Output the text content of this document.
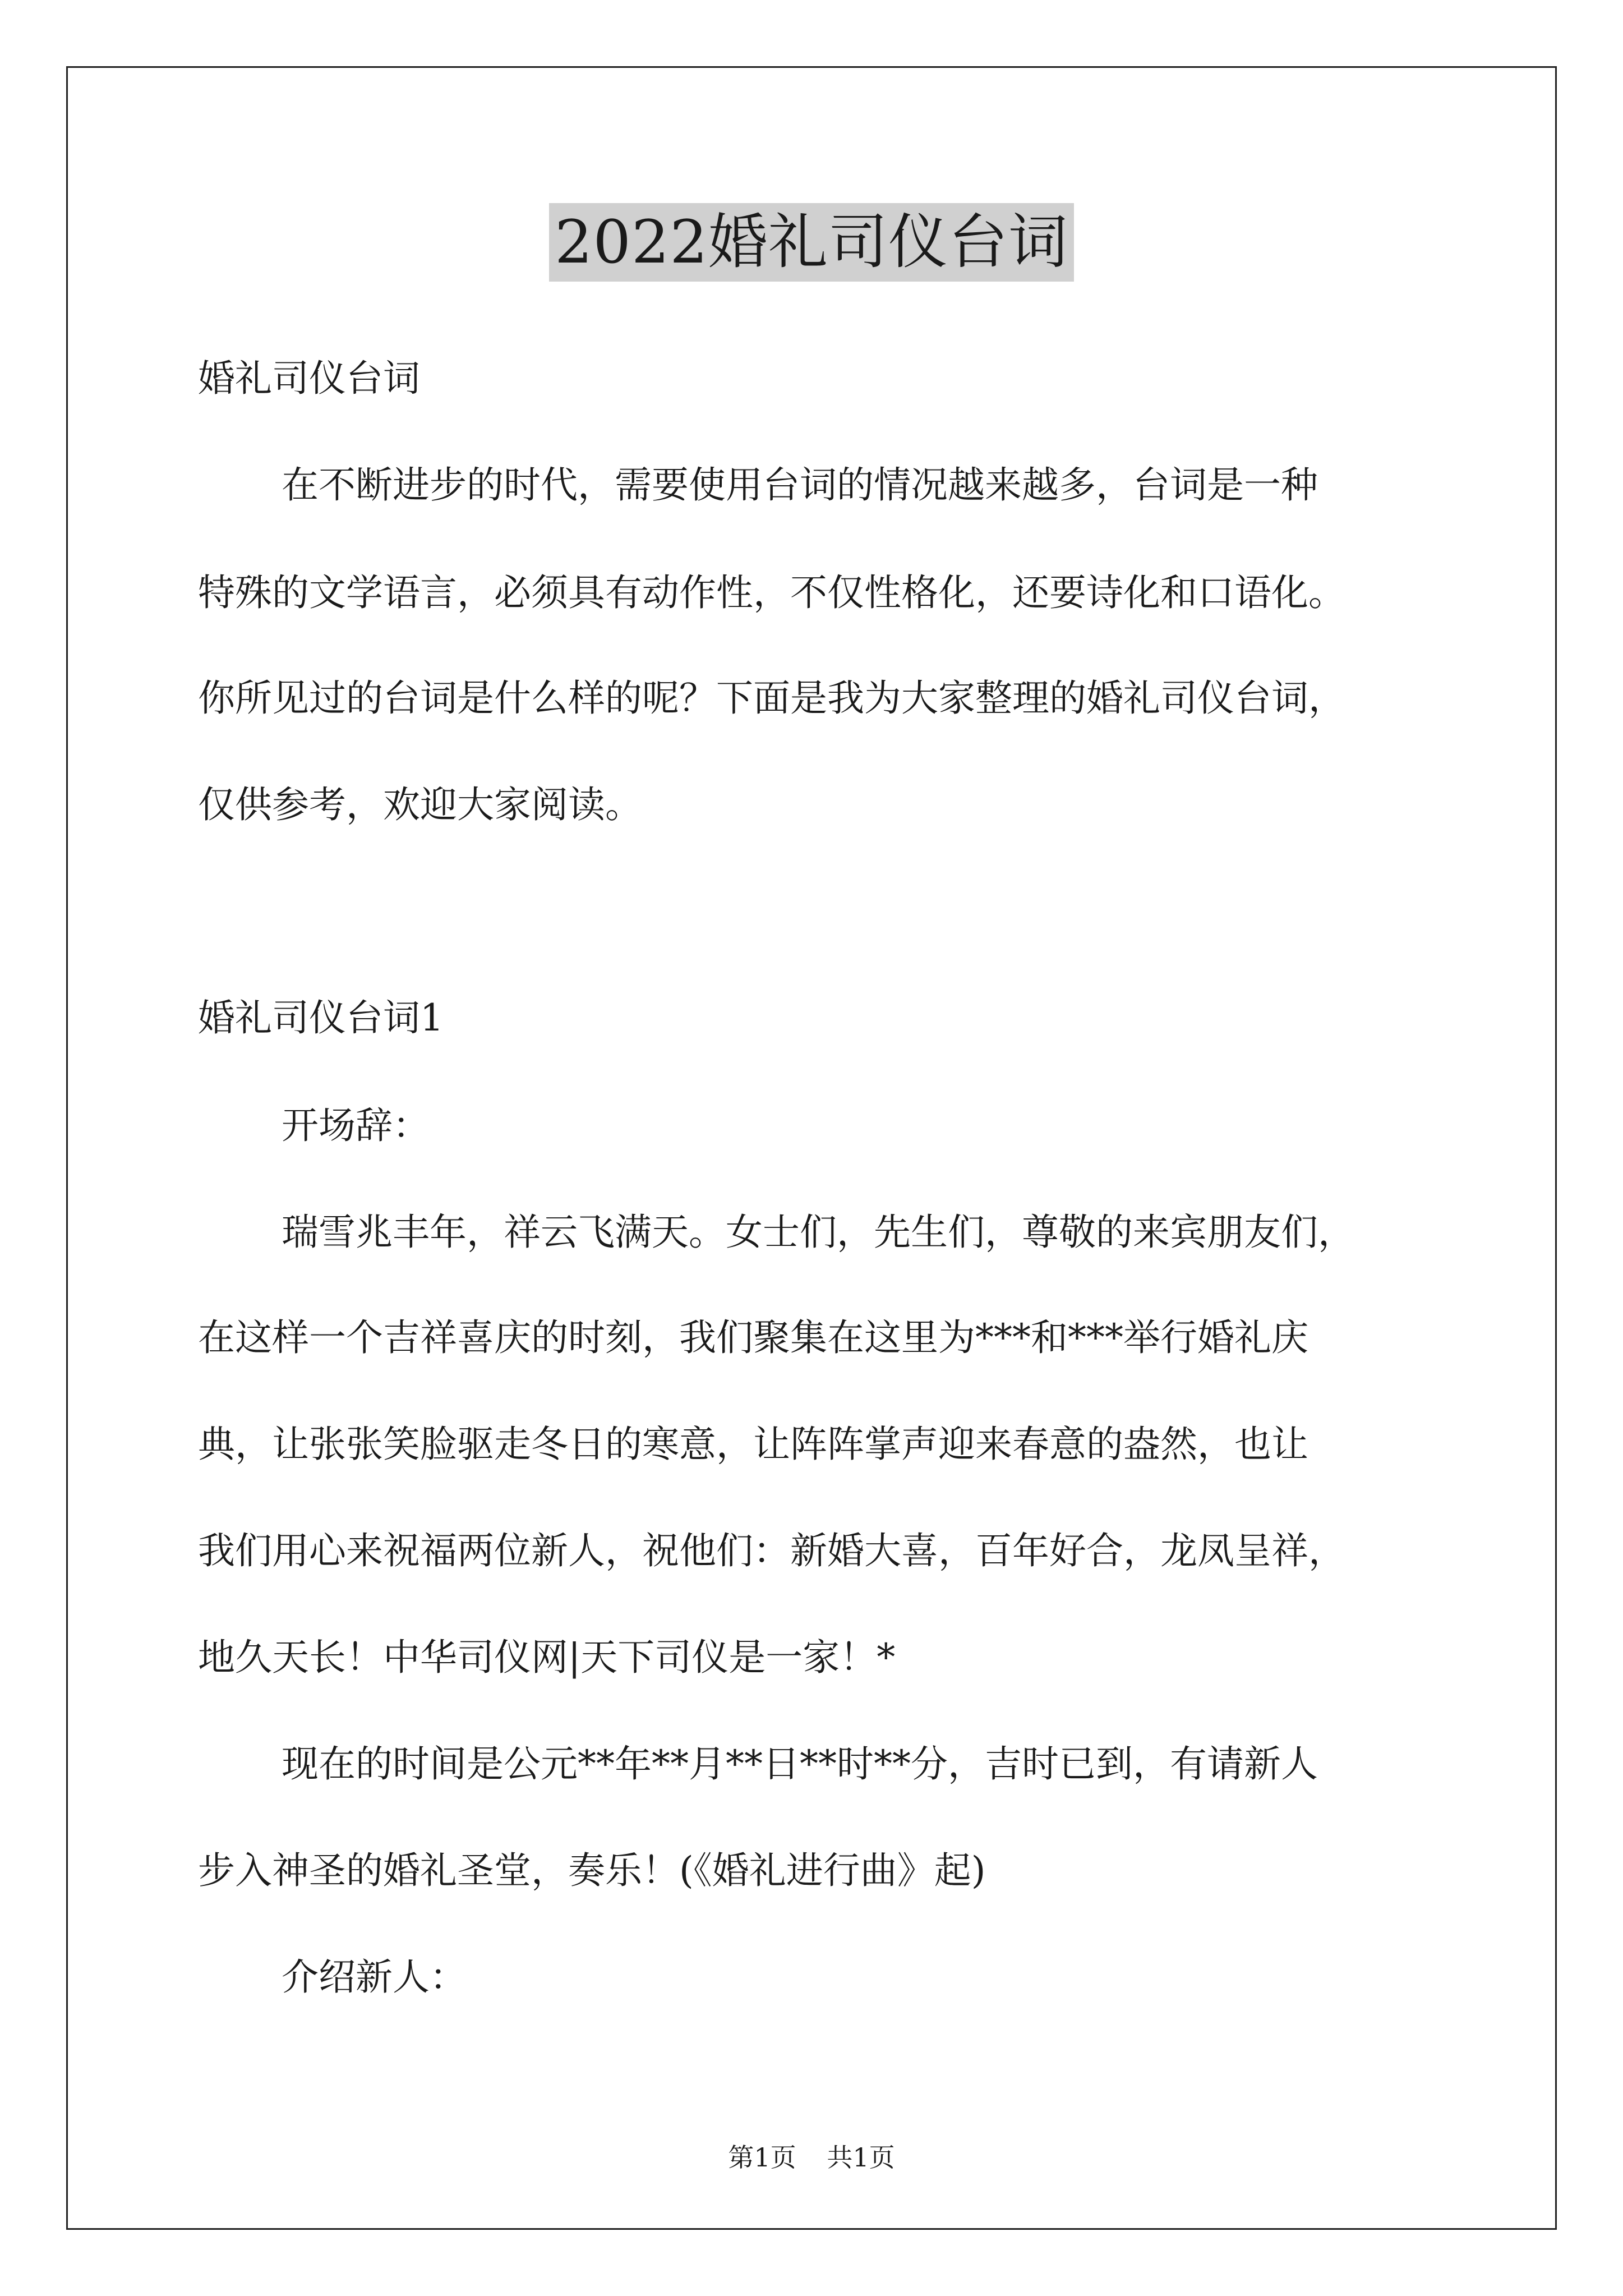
2022婚礼司仪台词
婚礼司仪台词
在不断进步的时代，需要使用台词的情况越来越多，台词是一种
特殊的文学语言，必须具有动作性，不仅性格化，还要诗化和口语化。
你所见过的台词是什么样的呢？下面是我为大家整理的婚礼司仪台词，
仅供参考，欢迎大家阅读。
婚礼司仪台词1
开场辞：
瑞雪兆丰年，祥云飞满天。女士们，先生们，尊敬的来宾朋友们，
在这样一个吉祥喜庆的时刻，我们聚集在这里为***和***举行婚礼庆
典，让张张笑脸驱走冬日的寒意，让阵阵掌声迎来春意的盎然，也让
我们用心来祝福两位新人，祝他们：新婚大喜，百年好合，龙凤呈祥，
地久天长！中华司仪网|天下司仪是一家！*
现在的时间是公元**年**月**日**时**分，吉时已到，有请新人
步入神圣的婚礼圣堂，奏乐！(《婚礼进行曲》起)
介绍新人：
第1页 共1页
